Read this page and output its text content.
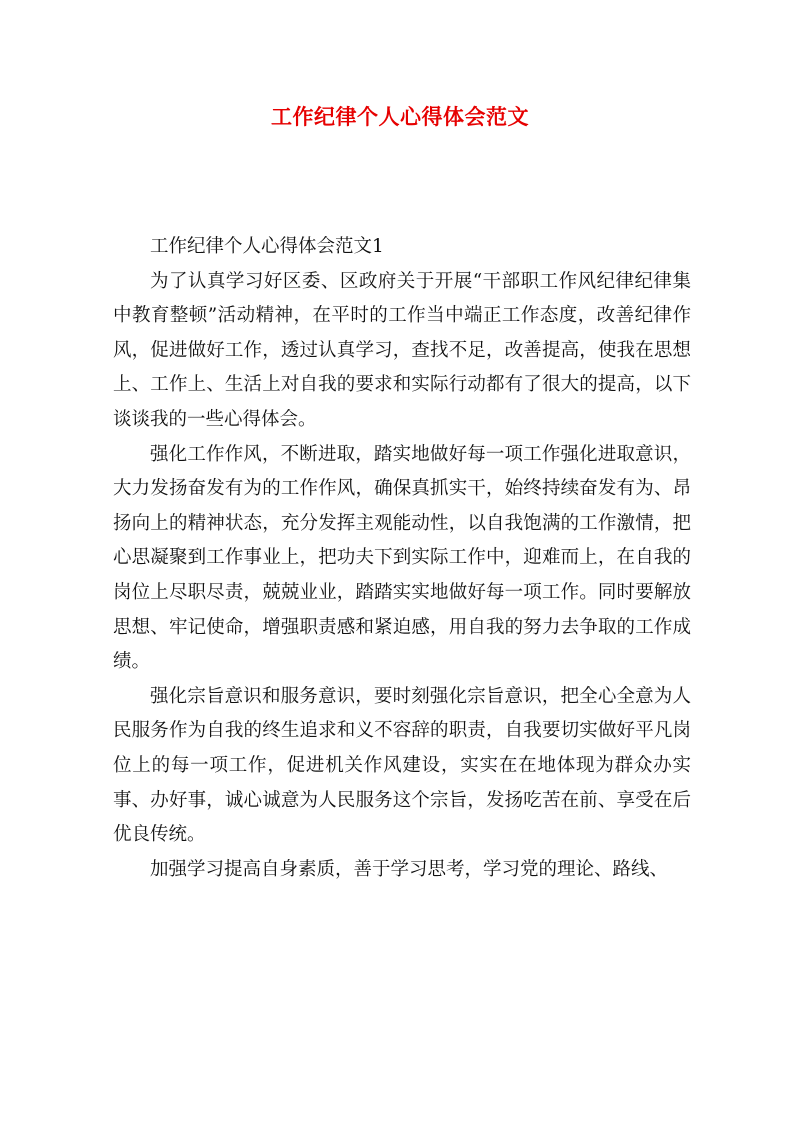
工作纪律个人心得体会范文

工作纪律个人心得体会范文1

为了认真学习好区委、区政府关于开展“干部职工作风纪律纪律集中教育整顿”活动精神，在平时的工作当中端正工作态度，改善纪律作风，促进做好工作，透过认真学习，查找不足，改善提高，使我在思想上、工作上、生活上对自我的要求和实际行动都有了很大的提高，以下谈谈我的一些心得体会。

强化工作作风，不断进取，踏实地做好每一项工作强化进取意识，大力发扬奋发有为的工作作风，确保真抓实干，始终持续奋发有为、昂扬向上的精神状态，充分发挥主观能动性，以自我饱满的工作激情，把心思凝聚到工作事业上，把功夫下到实际工作中，迎难而上，在自我的岗位上尽职尽责，兢兢业业，踏踏实实地做好每一项工作。同时要解放思想、牢记使命，增强职责感和紧迫感，用自我的努力去争取的工作成绩。

强化宗旨意识和服务意识，要时刻强化宗旨意识，把全心全意为人民服务作为自我的终生追求和义不容辞的职责，自我要切实做好平凡岗位上的每一项工作，促进机关作风建设，实实在在地体现为群众办实事、办好事，诚心诚意为人民服务这个宗旨，发扬吃苦在前、享受在后优良传统。

加强学习提高自身素质，善于学习思考，学习党的理论、路线、
